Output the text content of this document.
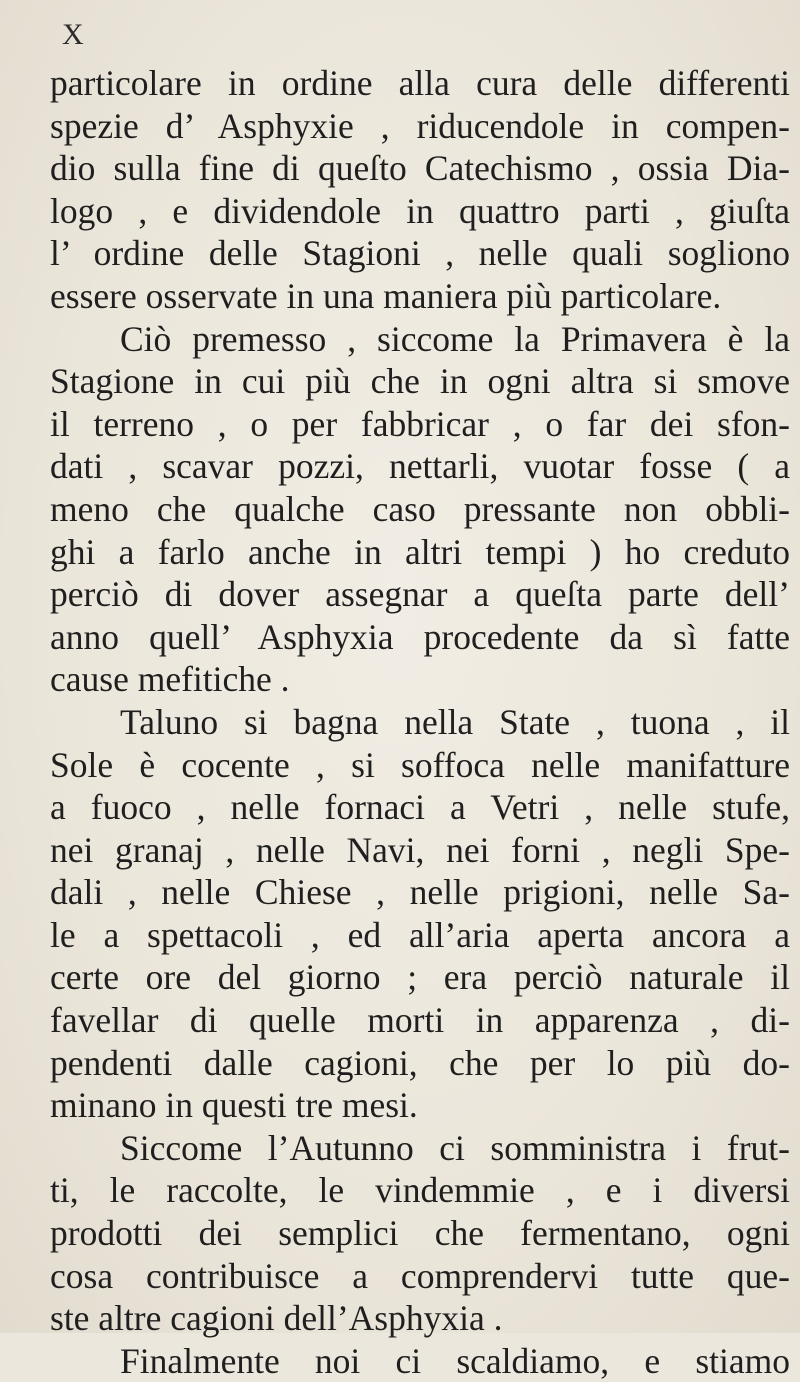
X
particolare in ordine alla cura delle differenti
spezie d’ Asphyxie , riducendole in compen-
dio sulla fine di queſto Catechismo , ossia Dia-
logo , e dividendole in quattro parti , giuſta
l’ ordine delle Stagioni , nelle quali sogliono
essere osservate in una maniera più particolare.
Ciò premesso , siccome la Primavera è la
Stagione in cui più che in ogni altra si smove
il terreno , o per fabbricar , o far dei sfon-
dati , scavar pozzi, nettarli, vuotar fosse ( a
meno che qualche caso pressante non obbli-
ghi a farlo anche in altri tempi ) ho creduto
perciò di dover assegnar a queſta parte dell’
anno quell’ Asphyxia procedente da sì fatte
cause mefitiche .
Taluno si bagna nella State , tuona , il
Sole è cocente , si soffoca nelle manifatture
a fuoco , nelle fornaci a Vetri , nelle stufe,
nei granaj , nelle Navi, nei forni , negli Spe-
dali , nelle Chiese , nelle prigioni, nelle Sa-
le a spettacoli , ed all’aria aperta ancora a
certe ore del giorno ; era perciò naturale il
favellar di quelle morti in apparenza , di-
pendenti dalle cagioni, che per lo più do-
minano in questi tre mesi.
Siccome l’Autunno ci somministra i frut-
ti, le raccolte, le vindemmie , e i diversi
prodotti dei semplici che fermentano, ogni
cosa contribuisce a comprendervi tutte que-
ste altre cagioni dell’Asphyxia .
Finalmente noi ci scaldiamo, e stiamo
